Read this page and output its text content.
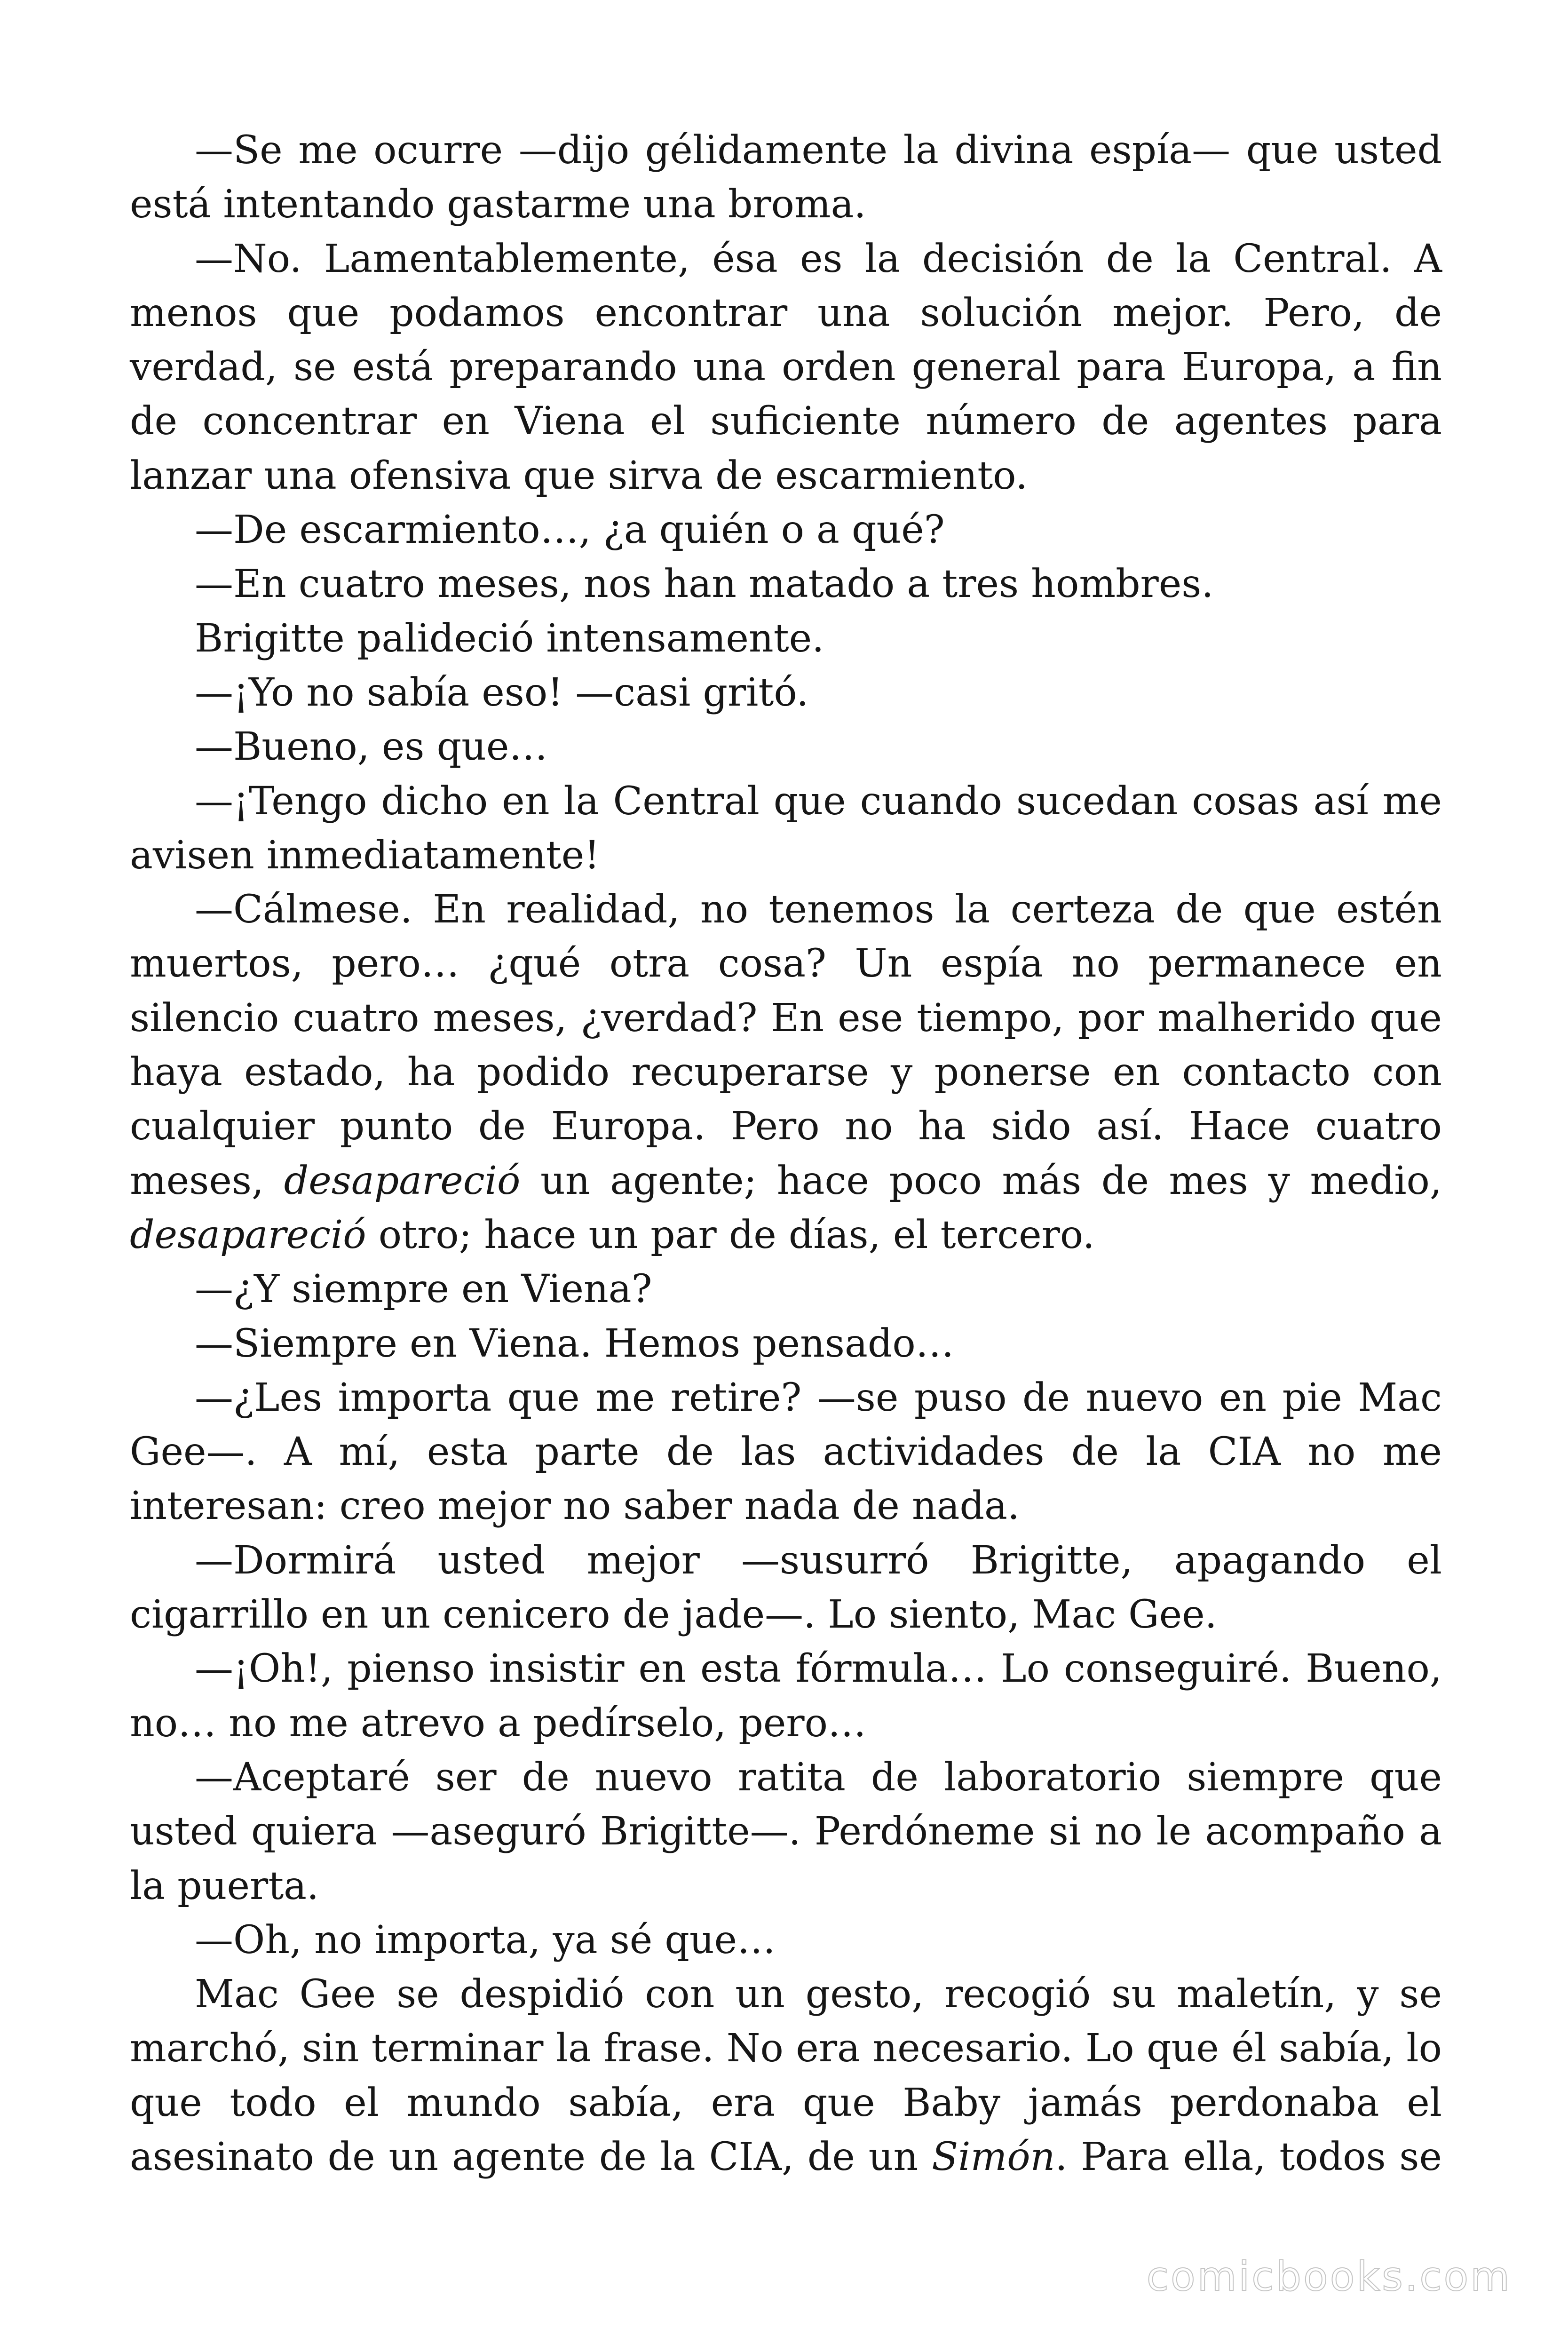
—Se me ocurre —dijo gélidamente la divina espía— que usted está intentando gastarme una broma.

—No. Lamentablemente, ésa es la decisión de la Central. A menos que podamos encontrar una solución mejor. Pero, de verdad, se está preparando una orden general para Europa, a fin de concentrar en Viena el suficiente número de agentes para lanzar una ofensiva que sirva de escarmiento.

—De escarmiento…, ¿a quién o a qué?

—En cuatro meses, nos han matado a tres hombres.

Brigitte palideció intensamente.

—¡Yo no sabía eso! —casi gritó.

—Bueno, es que…

—¡Tengo dicho en la Central que cuando sucedan cosas así me avisen inmediatamente!

—Cálmese. En realidad, no tenemos la certeza de que estén muertos, pero… ¿qué otra cosa? Un espía no permanece en silencio cuatro meses, ¿verdad? En ese tiempo, por malherido que haya estado, ha podido recuperarse y ponerse en contacto con cualquier punto de Europa. Pero no ha sido así. Hace cuatro meses, desapareció un agente; hace poco más de mes y medio, desapareció otro; hace un par de días, el tercero.

—¿Y siempre en Viena?

—Siempre en Viena. Hemos pensado…

—¿Les importa que me retire? —se puso de nuevo en pie Mac Gee—. A mí, esta parte de las actividades de la CIA no me interesan: creo mejor no saber nada de nada.

—Dormirá usted mejor —susurró Brigitte, apagando el cigarrillo en un cenicero de jade—. Lo siento, Mac Gee.

—¡Oh!, pienso insistir en esta fórmula… Lo conseguiré. Bueno, no… no me atrevo a pedírselo, pero…

—Aceptaré ser de nuevo ratita de laboratorio siempre que usted quiera —aseguró Brigitte—. Perdóneme si no le acompaño a la puerta.

—Oh, no importa, ya sé que…

Mac Gee se despidió con un gesto, recogió su maletín, y se marchó, sin terminar la frase. No era necesario. Lo que él sabía, lo que todo el mundo sabía, era que Baby jamás perdonaba el asesinato de un agente de la CIA, de un Simón. Para ella, todos se

comicbooks.com
